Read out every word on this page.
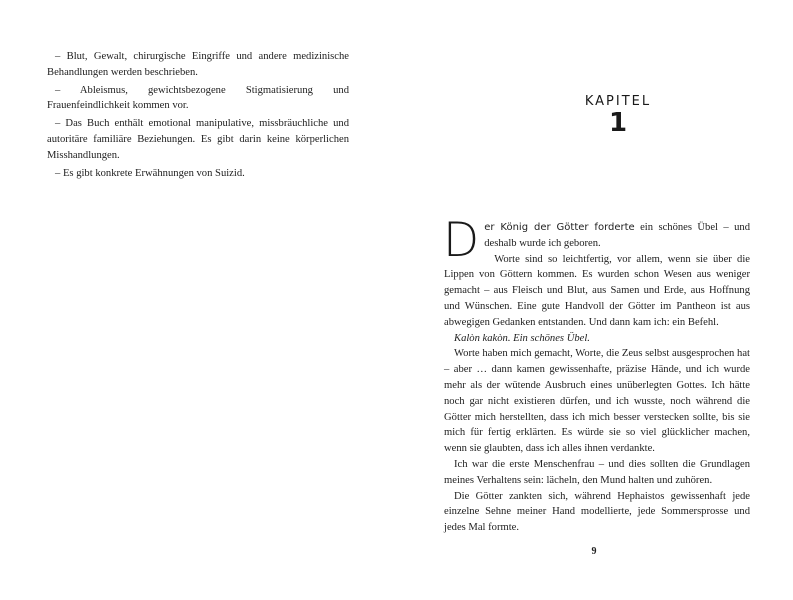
– Blut, Gewalt, chirurgische Eingriffe und andere medizinische Behandlungen werden beschrieben.
– Ableismus, gewichtsbezogene Stigmatisierung und Frauenfeindlichkeit kommen vor.
– Das Buch enthält emotional manipulative, missbräuchliche und autoritäre familiäre Beziehungen. Es gibt darin keine körperlichen Misshandlungen.
– Es gibt konkrete Erwähnungen von Suizid.
KAPITEL
1

Der König der Götter forderte ein schönes Übel – und deshalb wurde ich geboren.

Worte sind so leichtfertig, vor allem, wenn sie über die Lippen von Göttern kommen. Es wurden schon Wesen aus weniger gemacht – aus Fleisch und Blut, aus Samen und Erde, aus Hoffnung und Wünschen. Eine gute Handvoll der Götter im Pantheon ist aus abwegigen Gedanken entstanden. Und dann kam ich: ein Befehl.

Kalòn kakòn. Ein schönes Übel.

Worte haben mich gemacht, Worte, die Zeus selbst ausgesprochen hat – aber … dann kamen gewissenhafte, präzise Hände, und ich wurde mehr als der wütende Ausbruch eines unüberlegten Gottes. Ich hätte noch gar nicht existieren dürfen, und ich wusste, noch während die Götter mich herstellten, dass ich mich besser verstecken sollte, bis sie mich für fertig erklärten. Es würde sie so viel glücklicher machen, wenn sie glaubten, dass ich alles ihnen verdankte.

Ich war die erste Menschenfrau – und dies sollten die Grundlagen meines Verhaltens sein: lächeln, den Mund halten und zuhören.

Die Götter zankten sich, während Hephaistos gewissenhaft jede einzelne Sehne meiner Hand modellierte, jede Sommersprosse und jedes Mal formte.

9
